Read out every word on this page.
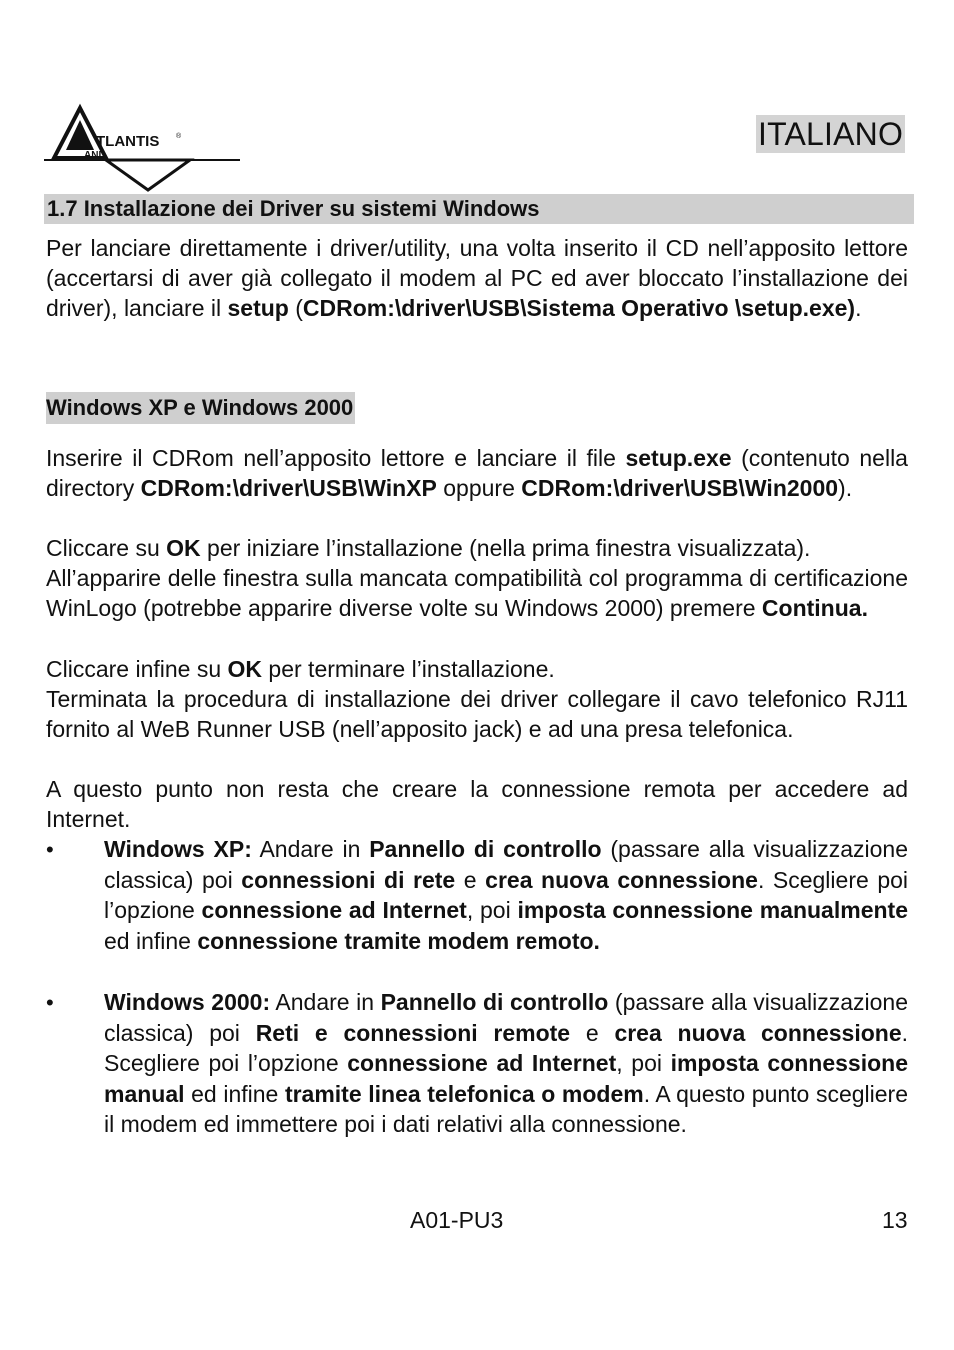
TLANTIS ®
AND
ITALIANO
1.7 Installazione dei Driver su sistemi Windows

Per lanciare direttamente i driver/utility, una volta inserito il CD nell’apposito lettore (accertarsi di aver già collegato il modem al PC ed aver bloccato l’installazione dei driver), lanciare il setup (CDRom:\driver\USB\Sistema Operativo \setup.exe).

Windows XP e Windows 2000

Inserire il CDRom nell’apposito lettore e lanciare il file setup.exe (contenuto nella directory CDRom:\driver\USB\WinXP oppure CDRom:\driver\USB\Win2000).

Cliccare su OK per iniziare l’installazione (nella prima finestra visualizzata).

All’apparire delle finestra sulla mancata compatibilità col programma di certificazione WinLogo (potrebbe apparire diverse volte su Windows 2000) premere Continua.

Cliccare infine su OK per terminare l’installazione.

Terminata la procedura di installazione dei driver collegare il cavo telefonico RJ11 fornito al WeB Runner USB (nell’apposito jack) e ad una presa telefonica.

A questo punto non resta che creare la connessione remota per accedere ad Internet.

• Windows XP: Andare in Pannello di controllo (passare alla visualizzazione classica) poi connessioni di rete e crea nuova connessione. Scegliere poi l’opzione connessione ad Internet, poi imposta connessione manualmente ed infine connessione tramite modem remoto.

• Windows 2000: Andare in Pannello di controllo (passare alla visualizzazione classica) poi Reti e connessioni remote e crea nuova connessione. Scegliere poi l’opzione connessione ad Internet, poi imposta connessione manual ed infine tramite linea telefonica o modem. A questo punto scegliere il modem ed immettere poi i dati relativi alla connessione.

A01-PU3	13
